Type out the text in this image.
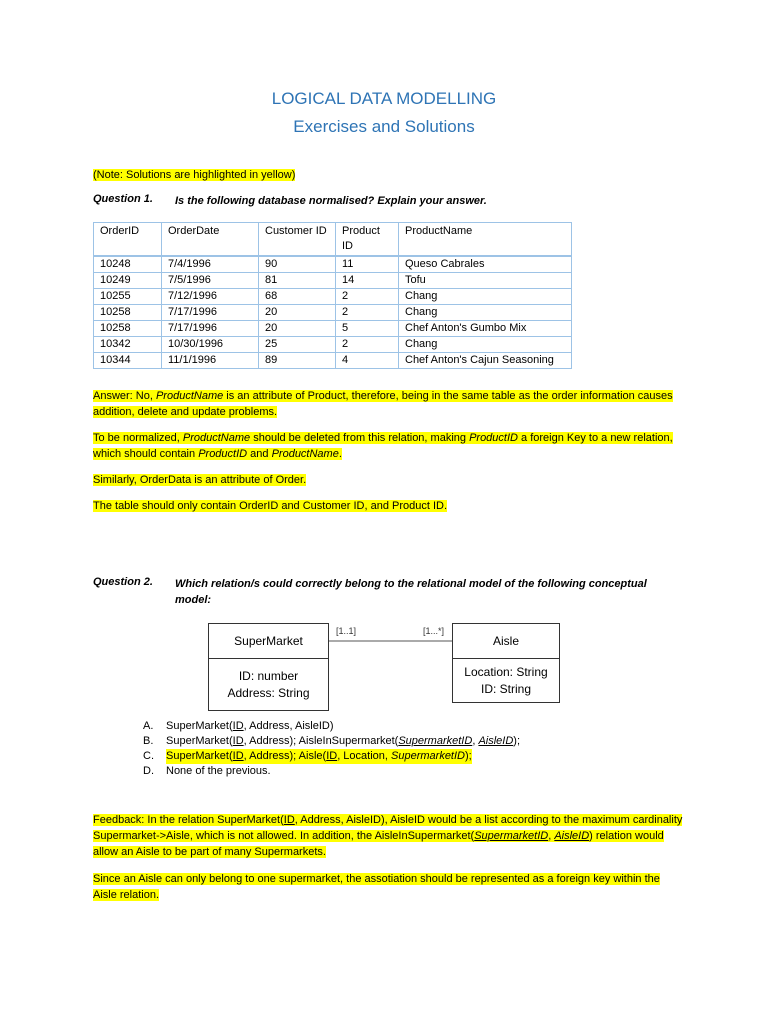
LOGICAL DATA MODELLING
Exercises and Solutions
(Note: Solutions are highlighted in yellow)
Question 1. Is the following database normalised? Explain your answer.
OrderID	OrderDate	Customer ID	Product ID	ProductName
10248	7/4/1996	90	11	Queso Cabrales
10249	7/5/1996	81	14	Tofu
10255	7/12/1996	68	2	Chang
10258	7/17/1996	20	2	Chang
10258	7/17/1996	20	5	Chef Anton's Gumbo Mix
10342	10/30/1996	25	2	Chang
10344	11/1/1996	89	4	Chef Anton's Cajun Seasoning
Answer: No, ProductName is an attribute of Product, therefore, being in the same table as the order information causes addition, delete and update problems.
To be normalized, ProductName should be deleted from this relation, making ProductID a foreign Key to a new relation, which should contain ProductID and ProductName.
Similarly, OrderData is an attribute of Order.
The table should only contain OrderID and Customer ID, and Product ID.
Question 2. Which relation/s could correctly belong to the relational model of the following conceptual model:
[1..1]	[1...*]
SuperMarket
ID: number
Address: String
Aisle
Location: String
ID: String
A.	SuperMarket(ID, Address, AisleID)
B.	SuperMarket(ID, Address); AisleInSupermarket(SupermarketID, AisleID);
C.	SuperMarket(ID, Address); Aisle(ID, Location, SupermarketID);
D.	None of the previous.
Feedback: In the relation SuperMarket(ID, Address, AisleID), AisleID would be a list according to the maximum cardinality Supermarket->Aisle, which is not allowed. In addition, the AisleInSupermarket(SupermarketID, AisleID) relation would allow an Aisle to be part of many Supermarkets.
Since an Aisle can only belong to one supermarket, the assotiation should be represented as a foreign key within the Aisle relation.
